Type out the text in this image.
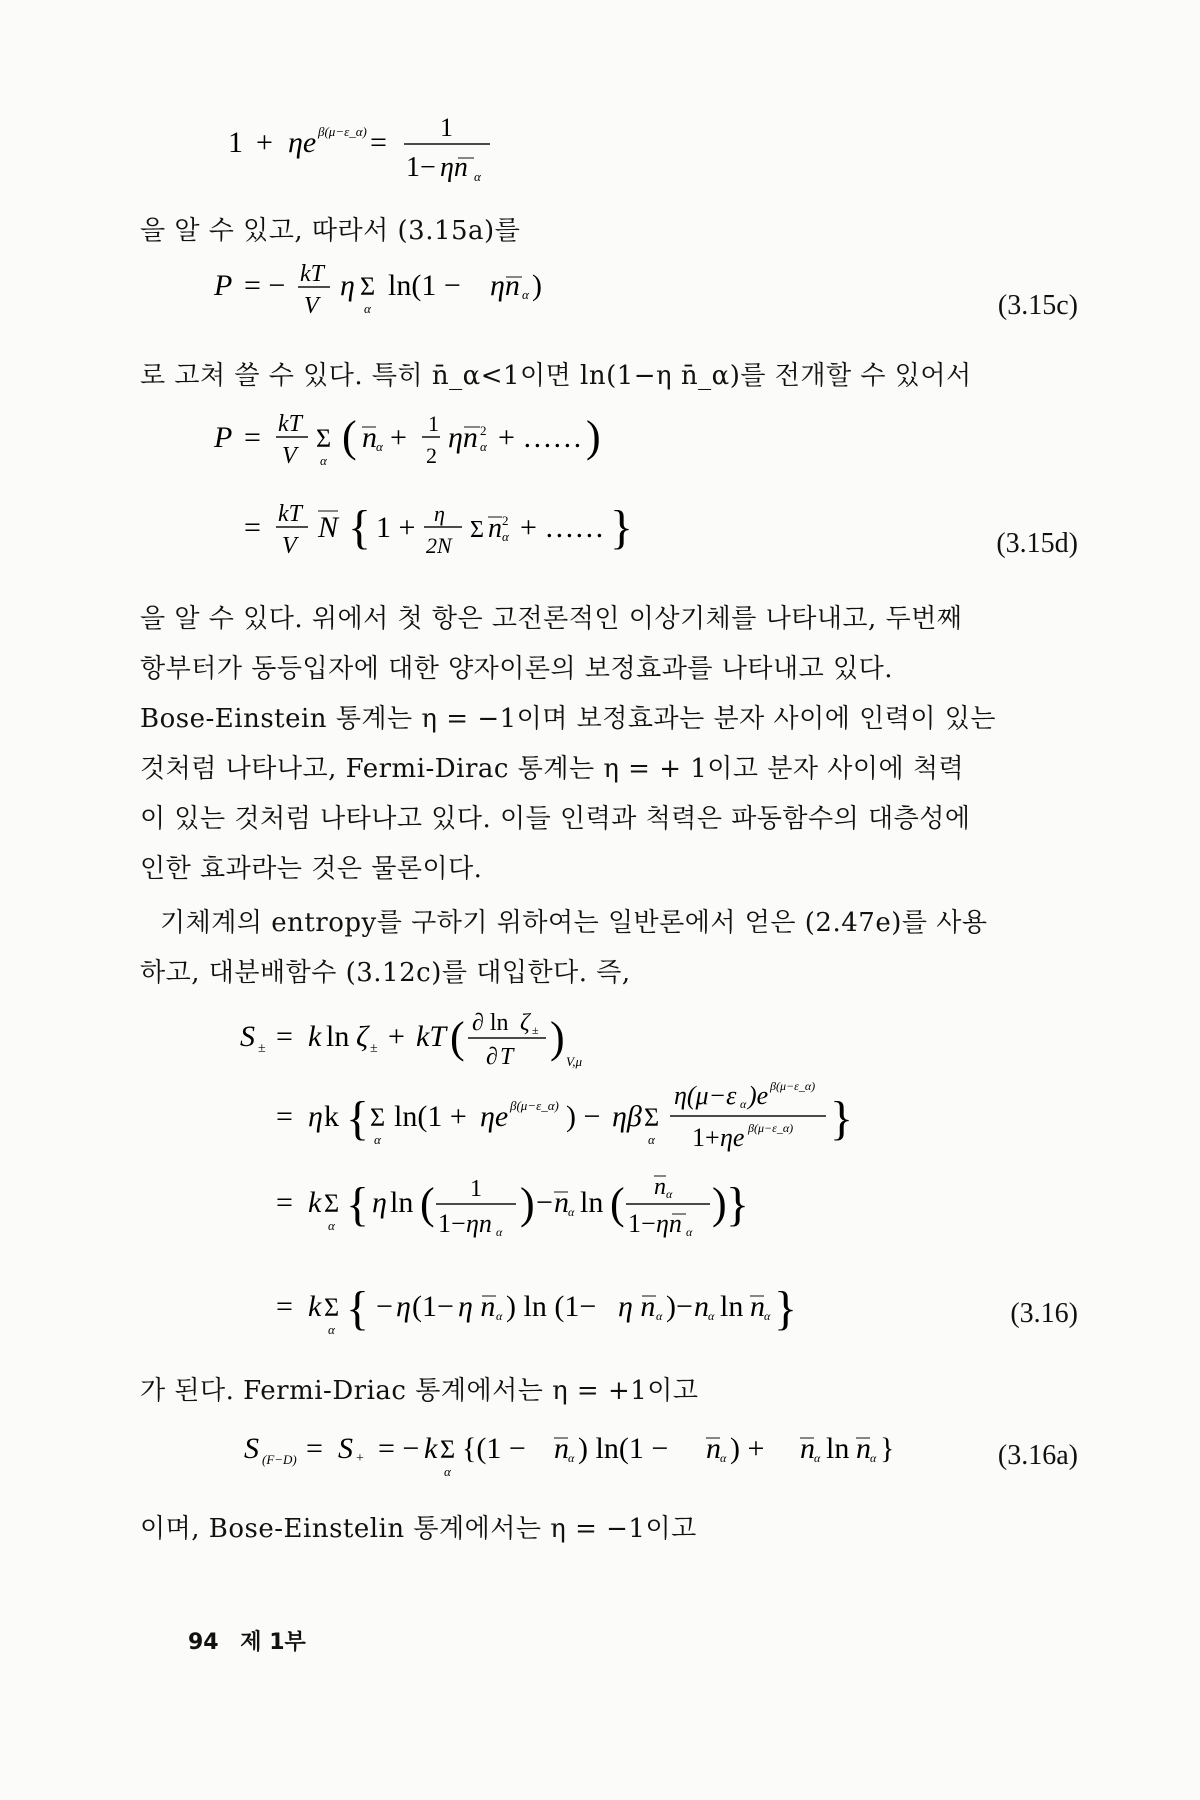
1 + ηe β(μ−ε_α) = 1
1− ηn α
을 알 수 있고, 따라서 (3.15a)를
P = − kT
V
η Σ
α
ln(1 − ηn α )
(3.15c)
로 고쳐 쓸 수 있다. 특히 n̄_α<1이면 ln(1−η n̄_α)를 전개할 수 있어서
P = kT
V
Σ
α ( n α + 1
2
ηn 2
α + …… )
= kT
V
N { 1 + η
2N
Σ n 2
α + …… }	(3.15d)
을 알 수 있다. 위에서 첫 항은 고전론적인 이상기체를 나타내고, 두번째
항부터가 동등입자에 대한 양자이론의 보정효과를 나타내고 있다.
Bose-Einstein 통계는 η = −1이며 보정효과는 분자 사이에 인력이 있는
것처럼 나타나고, Fermi-Dirac 통계는 η = + 1이고 분자 사이에 척력
이 있는 것처럼 나타나고 있다. 이들 인력과 척력은 파동함수의 대층성에
인한 효과라는 것은 물론이다.
기체계의 entropy를 구하기 위하여는 일반론에서 얻은 (2.47e)를 사용
하고, 대분배함수 (3.12c)를 대입한다. 즉,
S ± = k ln ζ ± + kT ( ∂ ln ζ ±
∂ T ) V,μ
= η k { Σ
α
ln(1 + ηe β(μ−ε_α) ) − ηβ Σ
α
η(μ−ε α )e β(μ−ε_α)
1+ ηe β(μ−ε_α) }
= k Σ
α { η ln ( 1
1− ηn α
) − n α ln ( n α
1− ηn α
) }
= k Σ
α { − η (1− η n α ) ln (1− η n α )− n α ln n α }	(3.16)
가 된다. Fermi-Driac 통계에서는 η = +1이고
S (F−D) = S + = − k Σ
α
{(1 − n α ) ln(1 − n α ) + n α ln n α }	(3.16a)
이며, Bose-Einstelin 통계에서는 η = −1이고
94 제 1부
